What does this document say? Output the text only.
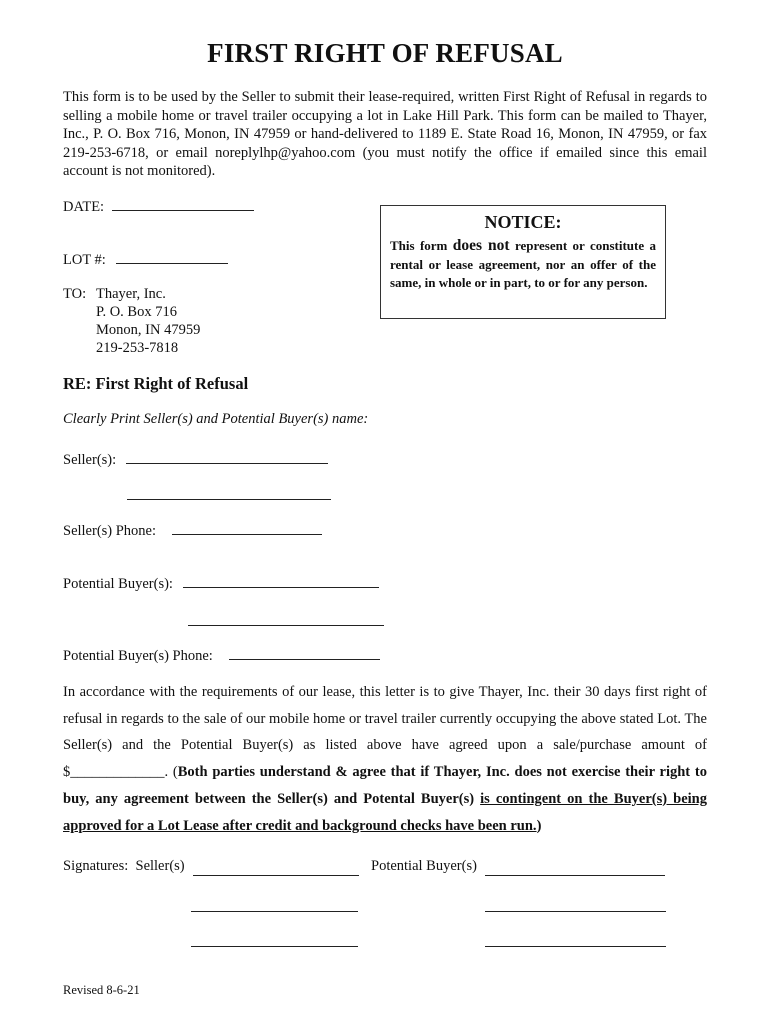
FIRST RIGHT OF REFUSAL
This form is to be used by the Seller to submit their lease-required, written First Right of Refusal in regards to selling a mobile home or travel trailer occupying a lot in Lake Hill Park. This form can be mailed to Thayer, Inc., P. O. Box 716, Monon, IN 47959 or hand-delivered to 1189 E. State Road 16, Monon, IN 47959, or fax 219-253-6718, or email noreplylhp@yahoo.com (you must notify the office if emailed since this email account is not monitored).
DATE:
LOT #:
TO: Thayer, Inc.
P. O. Box 716
Monon, IN 47959
219-253-7818
NOTICE:
This form does not represent or constitute a rental or lease agreement, nor an offer of the same, in whole or in part, to or for any person.
RE: First Right of Refusal
Clearly Print Seller(s) and Potential Buyer(s) name:
Seller(s):
Seller(s) Phone:
Potential Buyer(s):
Potential Buyer(s) Phone:
In accordance with the requirements of our lease, this letter is to give Thayer, Inc. their 30 days first right of refusal in regards to the sale of our mobile home or travel trailer currently occupying the above stated Lot. The Seller(s) and the Potential Buyer(s) as listed above have agreed upon a sale/purchase amount of $_____________. (Both parties understand & agree that if Thayer, Inc. does not exercise their right to buy, any agreement between the Seller(s) and Potental Buyer(s) is contingent on the Buyer(s) being approved for a Lot Lease after credit and background checks have been run.)
Signatures: Seller(s)	Potential Buyer(s)
Revised 8-6-21
